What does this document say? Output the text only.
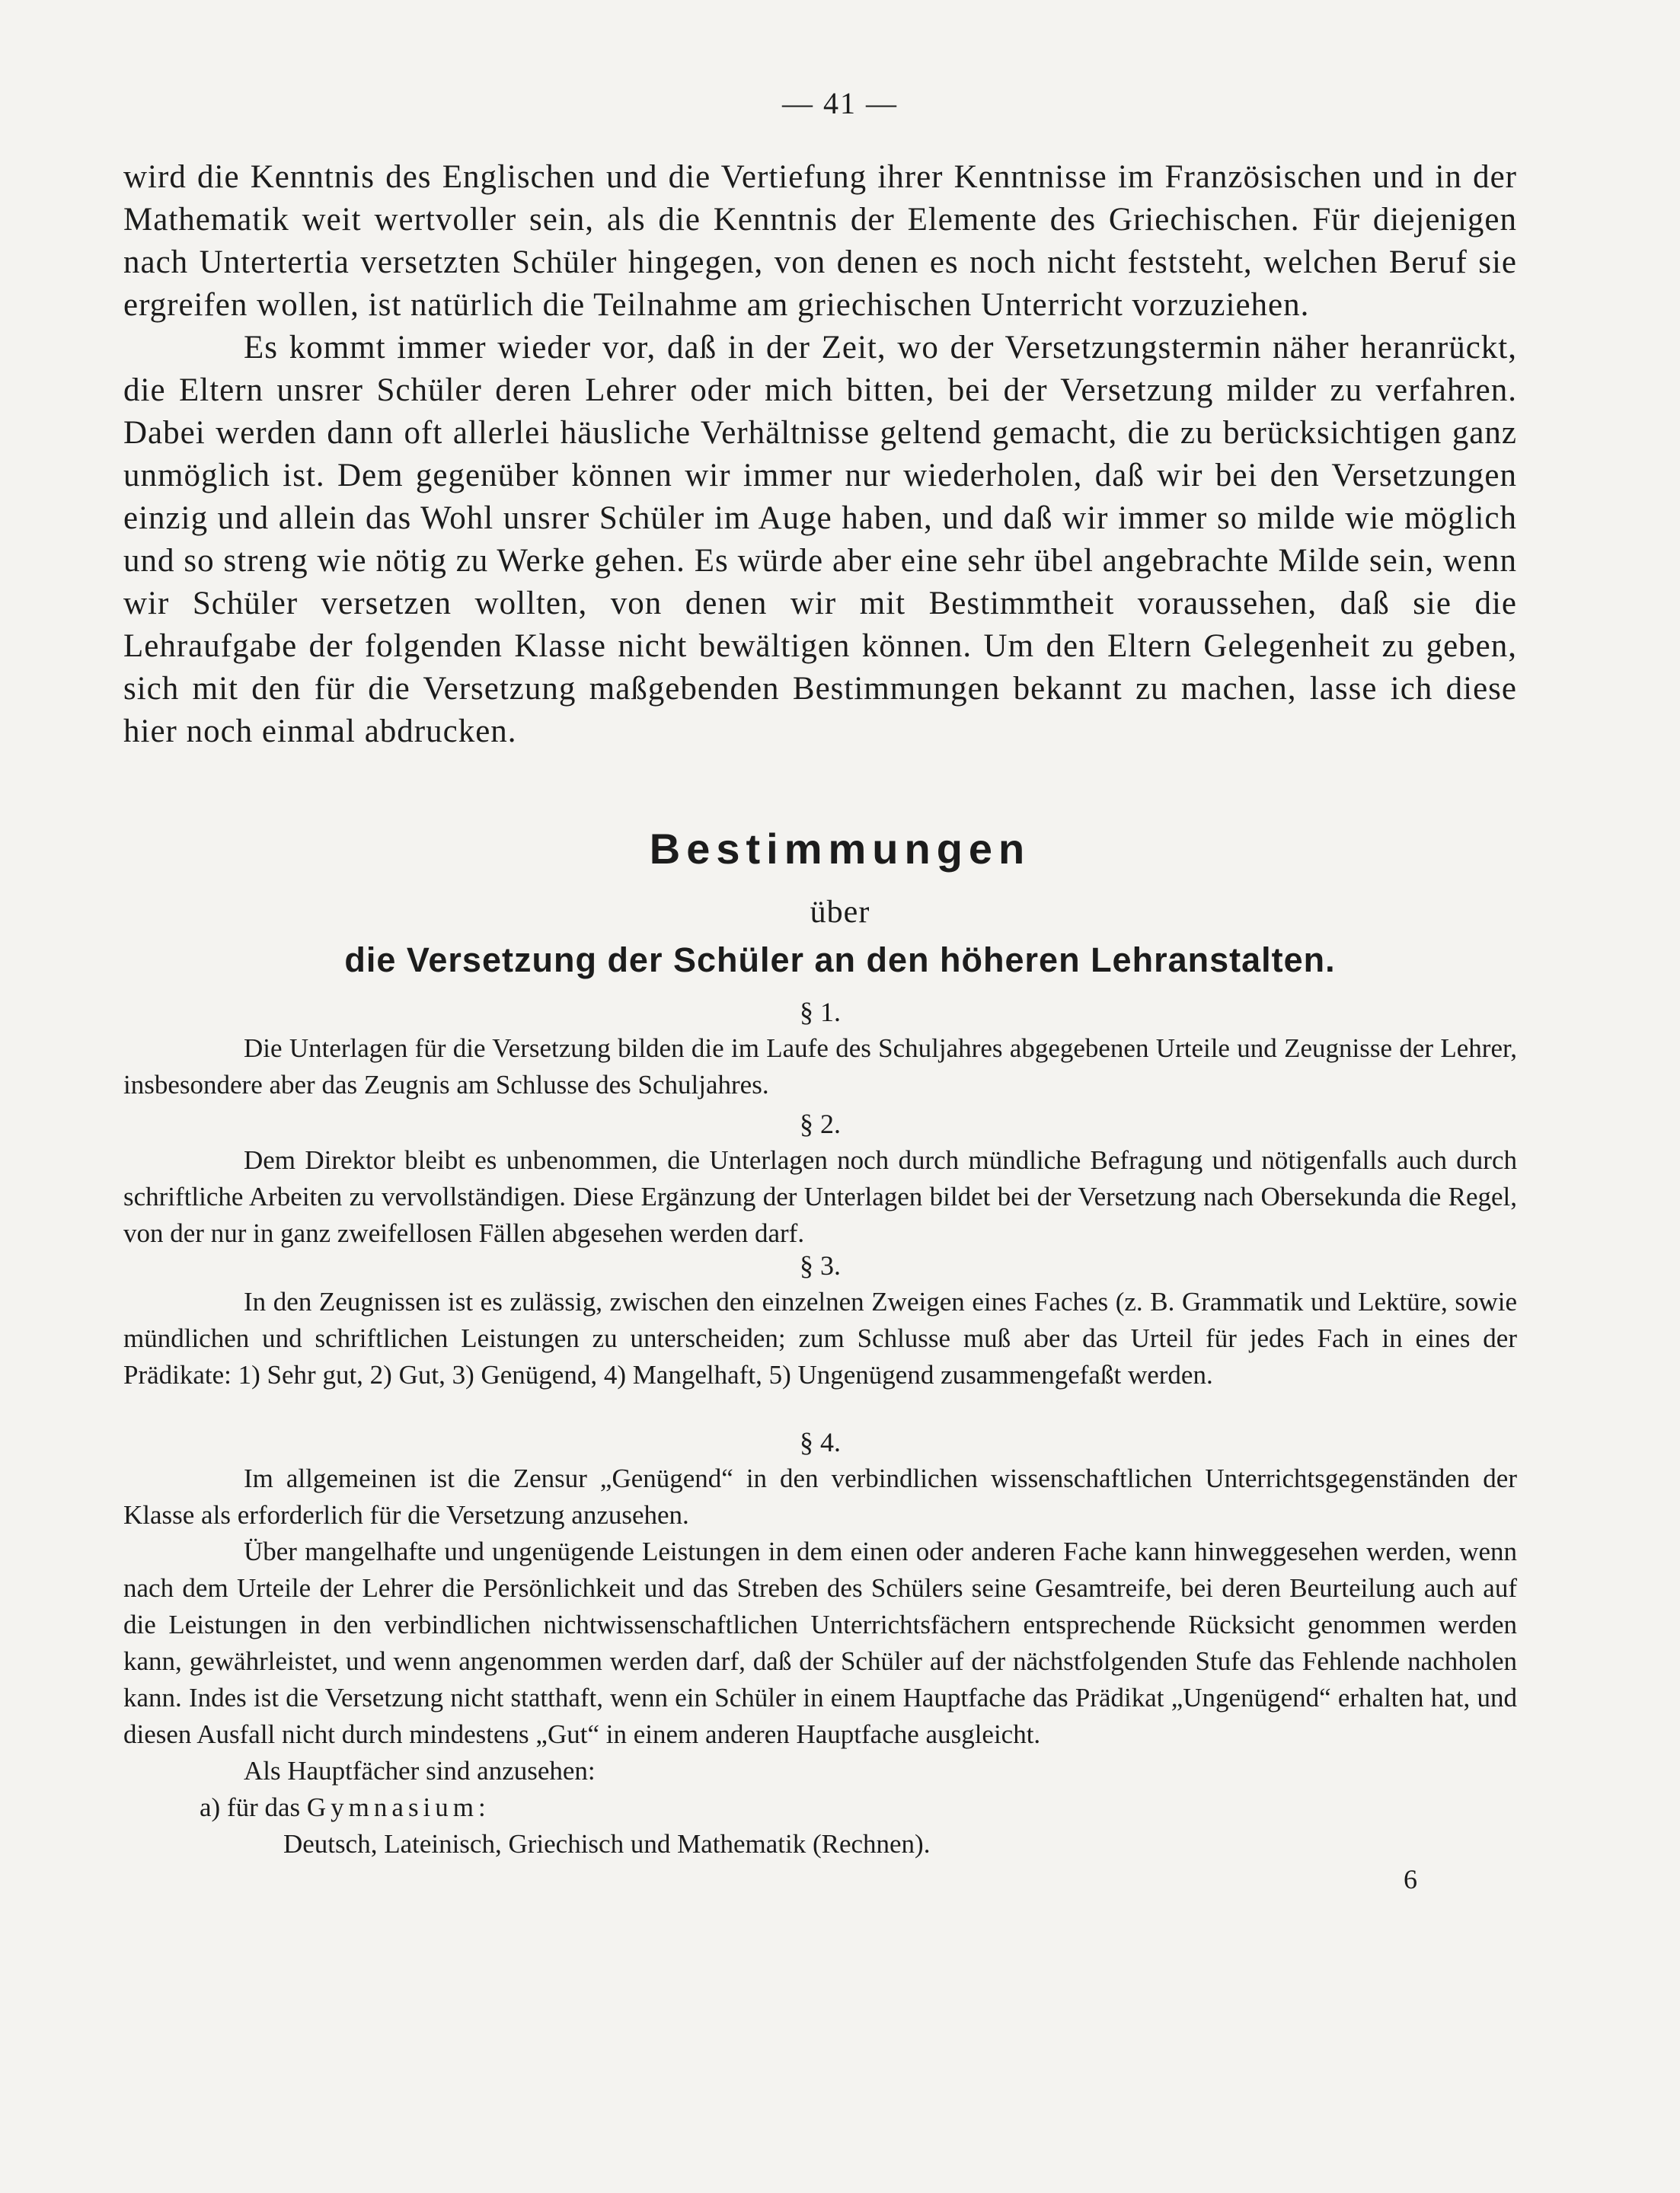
— 41 —

wird die Kenntnis des Englischen und die Vertiefung ihrer Kenntnisse im Französischen und in der Mathematik weit wertvoller sein, als die Kenntnis der Elemente des Griechischen. Für diejenigen nach Untertertia versetzten Schüler hingegen, von denen es noch nicht feststeht, welchen Beruf sie ergreifen wollen, ist natürlich die Teilnahme am griechischen Unterricht vorzuziehen.

Es kommt immer wieder vor, daß in der Zeit, wo der Versetzungstermin näher heranrückt, die Eltern unsrer Schüler deren Lehrer oder mich bitten, bei der Versetzung milder zu verfahren. Dabei werden dann oft allerlei häusliche Verhältnisse geltend gemacht, die zu berücksichtigen ganz unmöglich ist. Dem gegenüber können wir immer nur wiederholen, daß wir bei den Versetzungen einzig und allein das Wohl unsrer Schüler im Auge haben, und daß wir immer so milde wie möglich und so streng wie nötig zu Werke gehen. Es würde aber eine sehr übel angebrachte Milde sein, wenn wir Schüler versetzen wollten, von denen wir mit Bestimmtheit voraussehen, daß sie die Lehraufgabe der folgenden Klasse nicht bewältigen können. Um den Eltern Gelegenheit zu geben, sich mit den für die Versetzung maßgebenden Bestimmungen bekannt zu machen, lasse ich diese hier noch einmal abdrucken.

Bestimmungen
über
die Versetzung der Schüler an den höheren Lehranstalten.
§ 1.

Die Unterlagen für die Versetzung bilden die im Laufe des Schuljahres abgegebenen Urteile und Zeugnisse der Lehrer, insbesondere aber das Zeugnis am Schlusse des Schuljahres.

§ 2.

Dem Direktor bleibt es unbenommen, die Unterlagen noch durch mündliche Befragung und nötigenfalls auch durch schriftliche Arbeiten zu vervollständigen. Diese Ergänzung der Unterlagen bildet bei der Versetzung nach Obersekunda die Regel, von der nur in ganz zweifellosen Fällen abgesehen werden darf.

§ 3.

In den Zeugnissen ist es zulässig, zwischen den einzelnen Zweigen eines Faches (z. B. Grammatik und Lektüre, sowie mündlichen und schriftlichen Leistungen zu unterscheiden; zum Schlusse muß aber das Urteil für jedes Fach in eines der Prädikate: 1) Sehr gut, 2) Gut, 3) Genügend, 4) Mangelhaft, 5) Ungenügend zusammengefaßt werden.

§ 4.

Im allgemeinen ist die Zensur „Genügend“ in den verbindlichen wissenschaftlichen Unterrichtsgegenständen der Klasse als erforderlich für die Versetzung anzusehen.

Über mangelhafte und ungenügende Leistungen in dem einen oder anderen Fache kann hinweggesehen werden, wenn nach dem Urteile der Lehrer die Persönlichkeit und das Streben des Schülers seine Gesamtreife, bei deren Beurteilung auch auf die Leistungen in den verbindlichen nichtwissenschaftlichen Unterrichtsfächern entsprechende Rücksicht genommen werden kann, gewährleistet, und wenn angenommen werden darf, daß der Schüler auf der nächstfolgenden Stufe das Fehlende nachholen kann. Indes ist die Versetzung nicht statthaft, wenn ein Schüler in einem Hauptfache das Prädikat „Ungenügend“ erhalten hat, und diesen Ausfall nicht durch mindestens „Gut“ in einem anderen Hauptfache ausgleicht.

Als Hauptfächer sind anzusehen:

a) für das Gymnasium:
Deutsch, Lateinisch, Griechisch und Mathematik (Rechnen).
6
